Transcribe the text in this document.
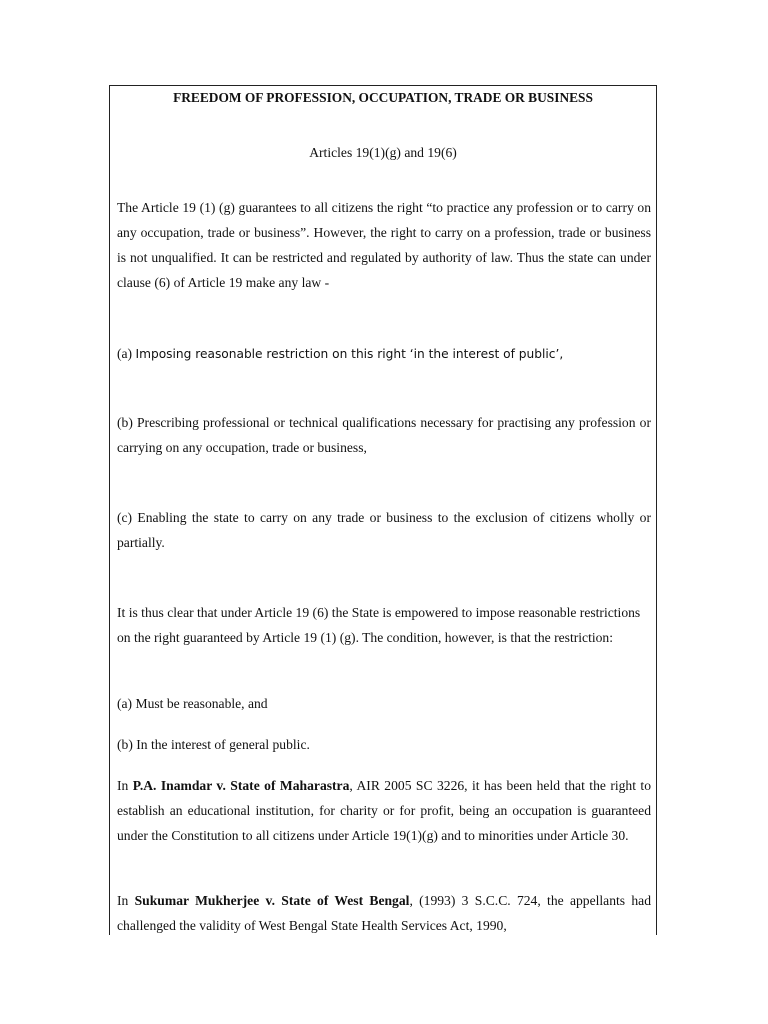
FREEDOM OF PROFESSION, OCCUPATION, TRADE OR BUSINESS
Articles 19(1)(g) and 19(6)

The Article 19 (1) (g) guarantees to all citizens the right “to practice any profession or to carry on any occupation, trade or business”. However, the right to carry on a profession, trade or business is not unqualified. It can be restricted and regulated by authority of law. Thus the state can under clause (6) of Article 19 make any law -

(a) Imposing reasonable restriction on this right ‘in the interest of public’,

(b) Prescribing professional or technical qualifications necessary for practising any profession or carrying on any occupation, trade or business,

(c) Enabling the state to carry on any trade or business to the exclusion of citizens wholly or partially.

It is thus clear that under Article 19 (6) the State is empowered to impose reasonable restrictions on the right guaranteed by Article 19 (1) (g). The condition, however, is that the restriction:

(a) Must be reasonable, and

(b) In the interest of general public.

In P.A. Inamdar v. State of Maharastra, AIR 2005 SC 3226, it has been held that the right to establish an educational institution, for charity or for profit, being an occupation is guaranteed under the Constitution to all citizens under Article 19(1)(g) and to minorities under Article 30.

In Sukumar Mukherjee v. State of West Bengal, (1993) 3 S.C.C. 724, the appellants had challenged the validity of West Bengal State Health Services Act, 1990,
